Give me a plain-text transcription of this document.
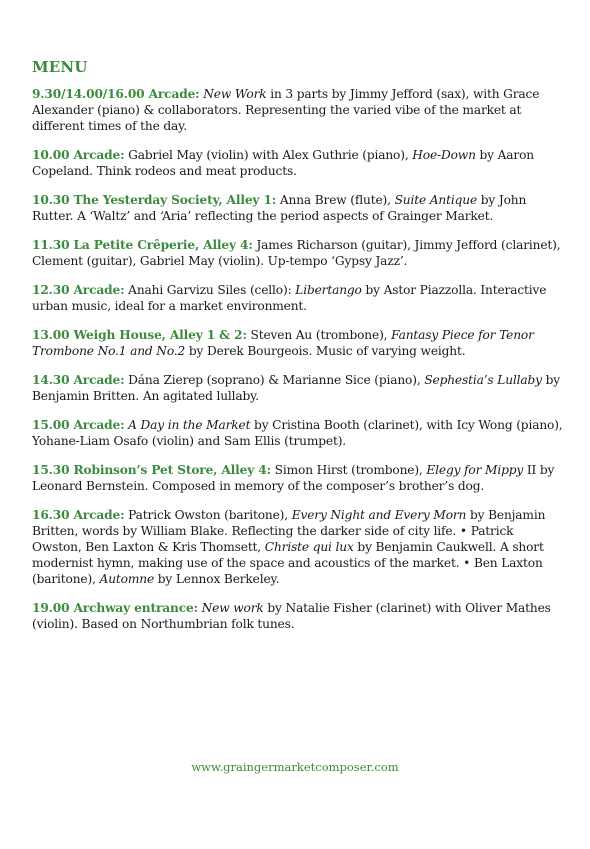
MENU

9.30/14.00/16.00 Arcade: New Work in 3 parts by Jimmy Jefford (sax), with Grace Alexander (piano) & collaborators. Representing the varied vibe of the market at different times of the day.

10.00 Arcade: Gabriel May (violin) with Alex Guthrie (piano), Hoe-Down by Aaron Copeland. Think rodeos and meat products.

10.30 The Yesterday Society, Alley 1: Anna Brew (flute), Suite Antique by John Rutter. A ‘Waltz’ and ‘Aria’ reflecting the period aspects of Grainger Market.

11.30 La Petite Crêperie, Alley 4: James Richarson (guitar), Jimmy Jefford (clarinet), Clement (guitar), Gabriel May (violin). Up-tempo ‘Gypsy Jazz’.

12.30 Arcade: Anahi Garvizu Siles (cello): Libertango by Astor Piazzolla. Interactive urban music, ideal for a market environment.

13.00 Weigh House, Alley 1 & 2: Steven Au (trombone), Fantasy Piece for Tenor Trombone No.1 and No.2 by Derek Bourgeois. Music of varying weight.

14.30 Arcade: Dána Zierep (soprano) & Marianne Sice (piano), Sephestia’s Lullaby by Benjamin Britten. An agitated lullaby.

15.00 Arcade: A Day in the Market by Cristina Booth (clarinet), with Icy Wong (piano), Yohane-Liam Osafo (violin) and Sam Ellis (trumpet).

15.30 Robinson’s Pet Store, Alley 4: Simon Hirst (trombone), Elegy for Mippy II by Leonard Bernstein. Composed in memory of the composer’s brother’s dog.

16.30 Arcade: Patrick Owston (baritone), Every Night and Every Morn by Benjamin Britten, words by William Blake. Reflecting the darker side of city life. • Patrick Owston, Ben Laxton & Kris Thomsett, Christe qui lux by Benjamin Caukwell. A short modernist hymn, making use of the space and acoustics of the market. • Ben Laxton (baritone), Automne by Lennox Berkeley.

19.00 Archway entrance: New work by Natalie Fisher (clarinet) with Oliver Mathes (violin). Based on Northumbrian folk tunes.

www.graingermarketcomposer.com
